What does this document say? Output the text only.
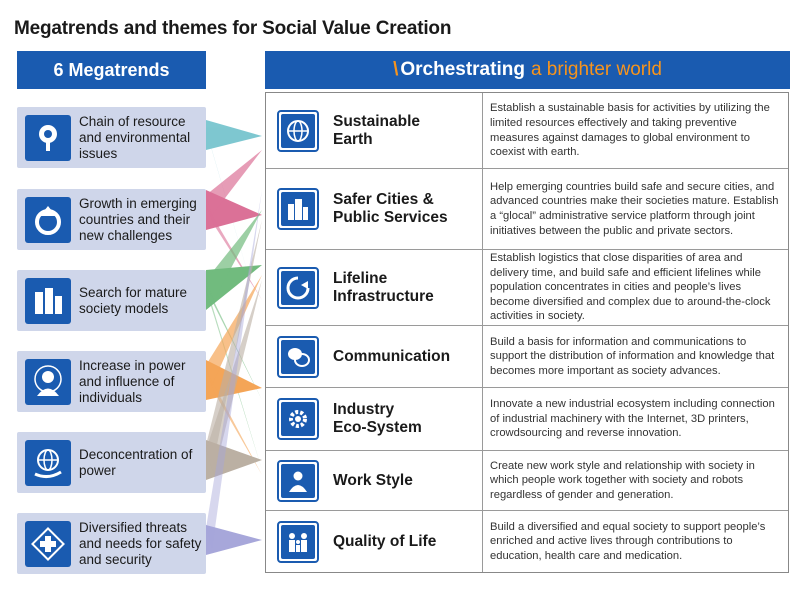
Megatrends and themes for Social Value Creation
6 Megatrends
Chain of resource
and environmental
issues
Growth in emerging
countries and their
new challenges
Search for mature
society models
Increase in power
and influence of
individuals
Deconcentration of
power
Diversified threats
and needs for safety
and security
\ Orchestrating a brighter world
Sustainable
Earth
Establish a sustainable basis for activities by utilizing the limited resources effectively and taking preventive measures against damages to global environment to coexist with earth.
Safer Cities &
Public Services
Help emerging countries build safe and secure cities, and advanced countries make their societies mature. Establish a “glocal” administrative service platform through joint initiatives between the public and private sectors.
Lifeline
Infrastructure
Establish logistics that close disparities of area and delivery time, and build safe and efficient lifelines while population concentrates in cities and people’s lives become diversified and complex due to around-the-clock activities in society.
Communication
Build a basis for information and communications to support the distribution of information and knowledge that becomes more important as society advances.
Industry
Eco-System
Innovate a new industrial ecosystem including connection of industrial machinery with the Internet, 3D printers, crowdsourcing and reverse innovation.
Work Style
Create new work style and relationship with society in which people work together with society and robots regardless of gender and generation.
Quality of Life
Build a diversified and equal society to support people’s enriched and active lives through contributions to education, health care and medication.
